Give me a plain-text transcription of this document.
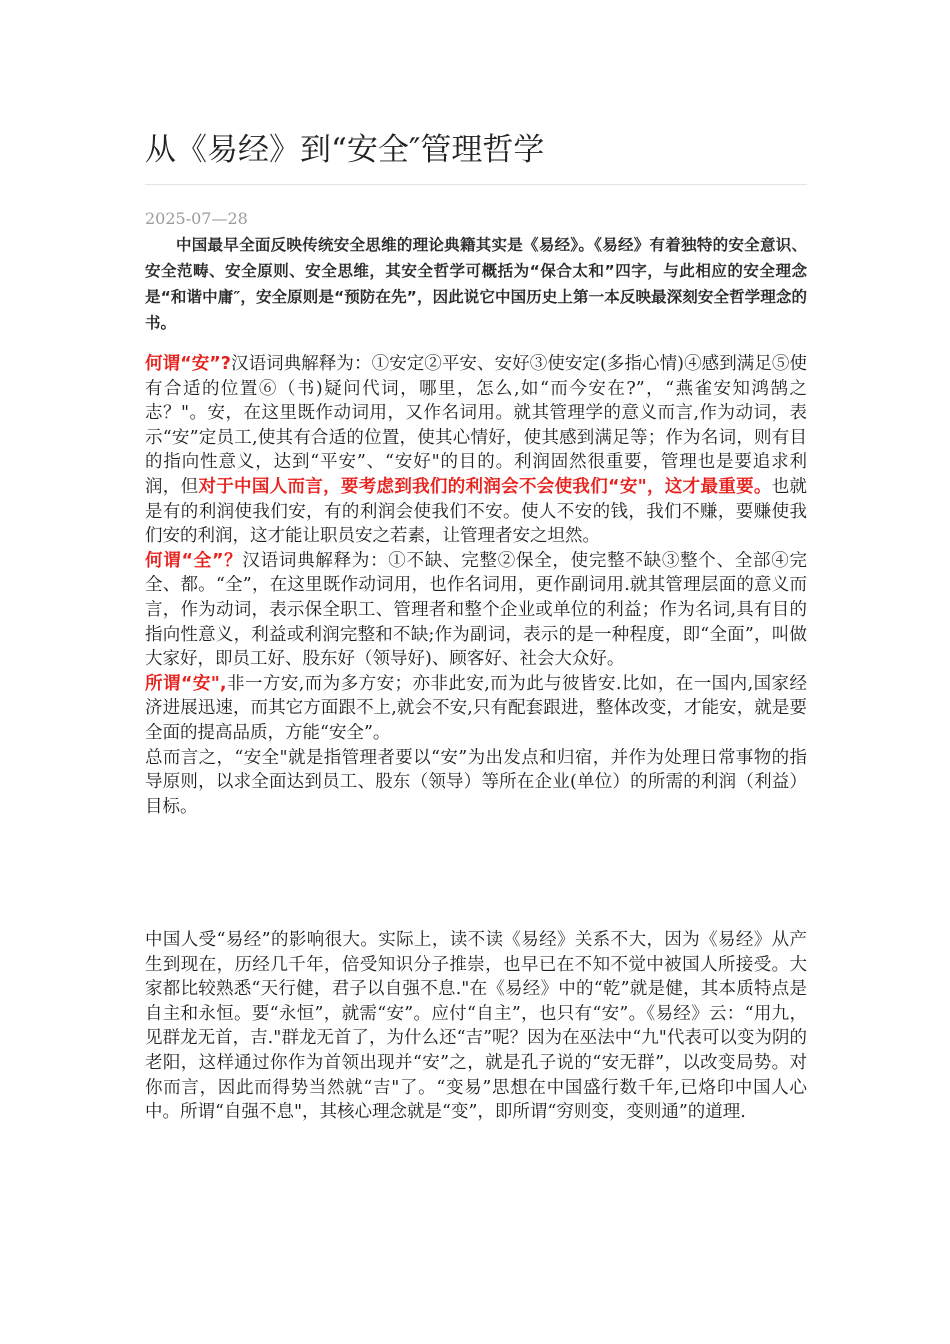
从《易经》到“安全″管理哲学
2025-07—28

中国最早全面反映传统安全思维的理论典籍其实是《易经》。《易经》有着独特的安全意识、安全范畴、安全原则、安全思维，其安全哲学可概括为“保合太和”四字，与此相应的安全理念是“和谐中庸″，安全原则是“预防在先”，因此说它中国历史上第一本反映最深刻安全哲学理念的书。

何谓“安”?汉语词典解释为：①安定②平安、安好③使安定(多指心情)④感到满足⑤使有合适的位置⑥（书)疑问代词，哪里，怎么,如“而今安在?”，“燕雀安知鸿鹄之志？"。安，在这里既作动词用，又作名词用。就其管理学的意义而言,作为动词，表示“安”定员工,使其有合适的位置，使其心情好，使其感到满足等；作为名词，则有目的指向性意义，达到“平安”、“安好"的目的。利润固然很重要，管理也是要追求利润，但对于中国人而言，要考虑到我们的利润会不会使我们“安"，这才最重要。也就是有的利润使我们安，有的利润会使我们不安。使人不安的钱，我们不赚，要赚使我们安的利润，这才能让职员安之若素，让管理者安之坦然。

何谓“全”？汉语词典解释为：①不缺、完整②保全，使完整不缺③整个、全部④完全、都。“全”，在这里既作动词用，也作名词用，更作副词用.就其管理层面的意义而言，作为动词，表示保全职工、管理者和整个企业或单位的利益；作为名词,具有目的指向性意义，利益或利润完整和不缺;作为副词，表示的是一种程度，即“全面”，叫做大家好，即员工好、股东好（领导好)、顾客好、社会大众好。

所谓“安",非一方安,而为多方安；亦非此安,而为此与彼皆安.比如，在一国内,国家经济进展迅速，而其它方面跟不上,就会不安,只有配套跟进，整体改变，才能安，就是要全面的提高品质，方能“安全”。

总而言之，“安全"就是指管理者要以“安”为出发点和归宿，并作为处理日常事物的指导原则，以求全面达到员工、股东（领导）等所在企业(单位）的所需的利润（利益）目标。

中国人受“易经”的影响很大。实际上，读不读《易经》关系不大，因为《易经》从产生到现在，历经几千年，倍受知识分子推崇，也早已在不知不觉中被国人所接受。大家都比较熟悉“天行健，君子以自强不息."在《易经》中的“乾”就是健，其本质特点是自主和永恒。要“永恒”，就需“安”。应付“自主”，也只有“安”。《易经》云：“用九，见群龙无首，吉."群龙无首了，为什么还“吉”呢？因为在巫法中“九"代表可以变为阴的老阳，这样通过你作为首领出现并“安”之，就是孔子说的“安无群”，以改变局势。对你而言，因此而得势当然就“吉"了。“变易”思想在中国盛行数千年,已烙印中国人心中。所谓“自强不息"，其核心理念就是“变”，即所谓“穷则变，变则通”的道理.
